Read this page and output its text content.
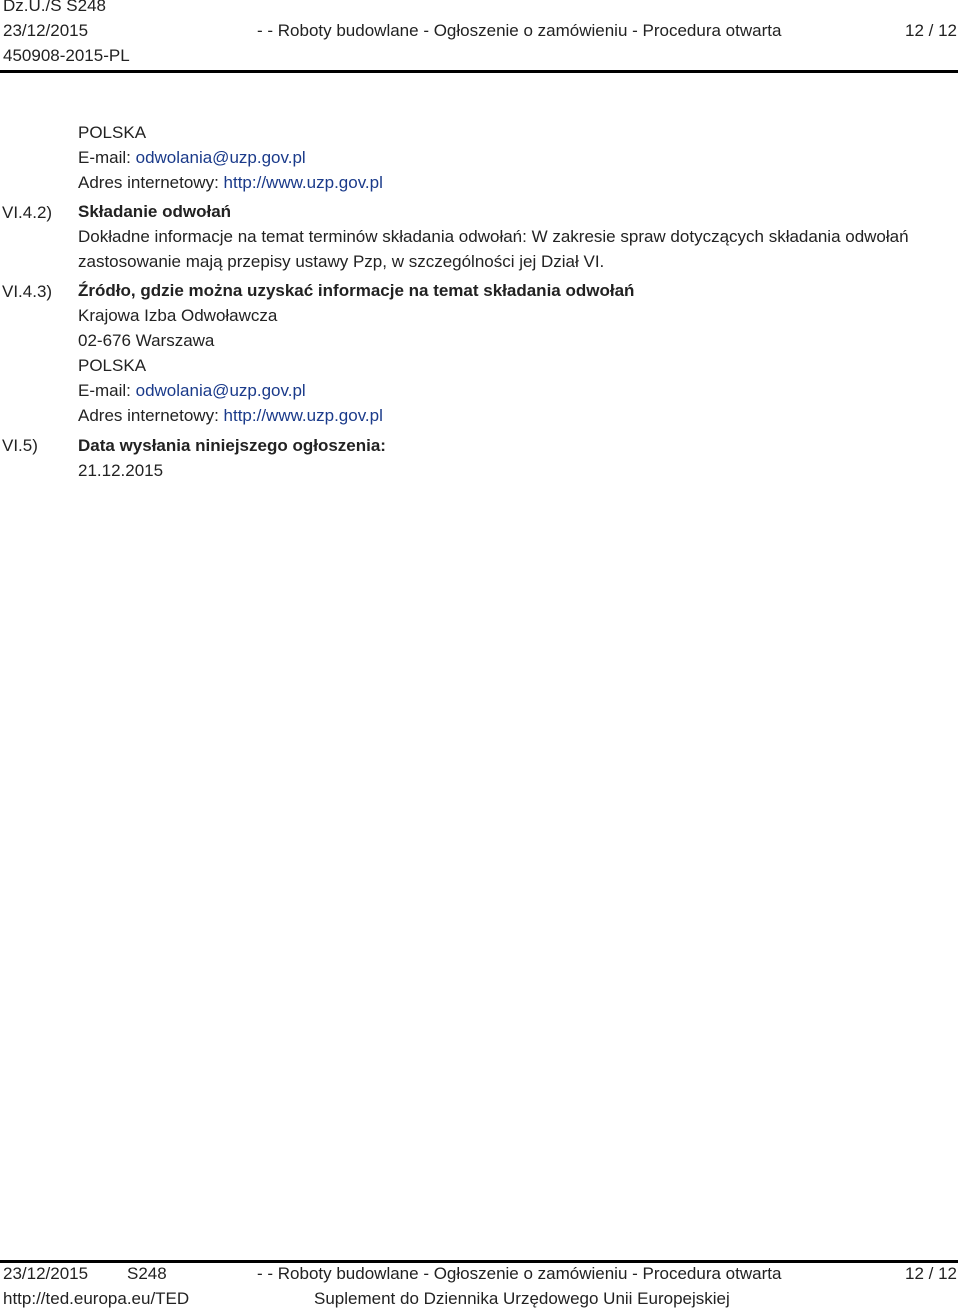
Dz.U./S S248
23/12/2015	- - Roboty budowlane - Ogłoszenie o zamówieniu - Procedura otwarta	12 / 12
450908-2015-PL
POLSKA
E-mail: odwolania@uzp.gov.pl
Adres internetowy: http://www.uzp.gov.pl
VI.4.2) Składanie odwołań
Dokładne informacje na temat terminów składania odwołań: W zakresie spraw dotyczących składania odwołań
zastosowanie mają przepisy ustawy Pzp, w szczególności jej Dział VI.
VI.4.3) Źródło, gdzie można uzyskać informacje na temat składania odwołań
Krajowa Izba Odwoławcza
02-676 Warszawa
POLSKA
E-mail: odwolania@uzp.gov.pl
Adres internetowy: http://www.uzp.gov.pl
VI.5) Data wysłania niniejszego ogłoszenia:
21.12.2015
23/12/2015 S248	- - Roboty budowlane - Ogłoszenie o zamówieniu - Procedura otwarta	12 / 12
http://ted.europa.eu/TED	Suplement do Dziennika Urzędowego Unii Europejskiej
